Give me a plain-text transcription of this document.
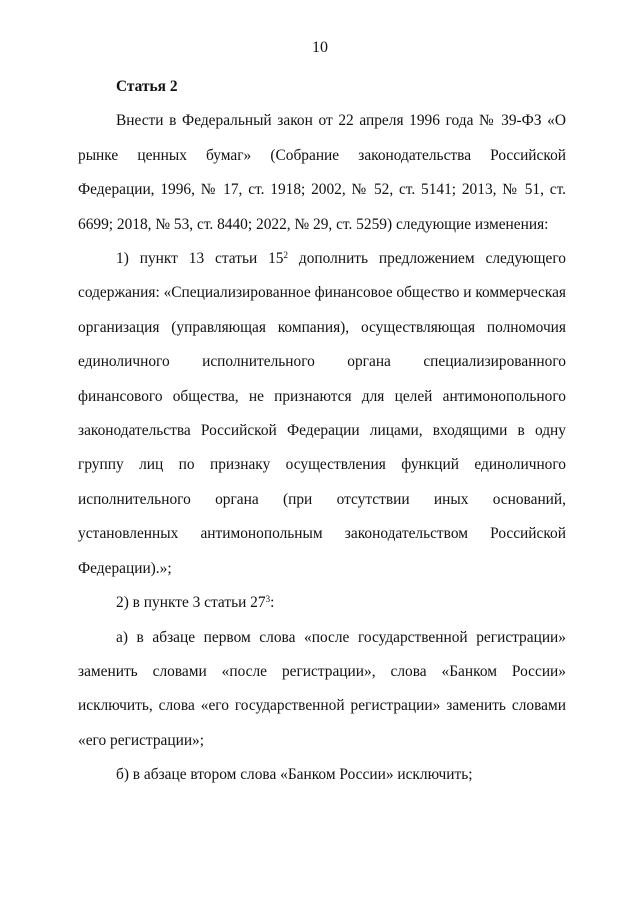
10

Статья 2

Внести в Федеральный закон от 22 апреля 1996 года № 39-ФЗ «О рынке ценных бумаг» (Собрание законодательства Российской Федерации, 1996, № 17, ст. 1918; 2002, № 52, ст. 5141; 2013, № 51, ст. 6699; 2018, № 53, ст. 8440; 2022, № 29, ст. 5259) следующие изменения:

1) пункт 13 статьи $15^2$ дополнить предложением следующего содержания: «Специализированное финансовое общество и коммерческая организация (управляющая компания), осуществляющая полномочия единоличного исполнительного органа специализированного финансового общества, не признаются для целей антимонопольного законодательства Российской Федерации лицами, входящими в одну группу лиц по признаку осуществления функций единоличного исполнительного органа (при отсутствии иных оснований, установленных антимонопольным законодательством Российской Федерации).»;

2) в пункте 3 статьи $27^3$:

а) в абзаце первом слова «после государственной регистрации» заменить словами «после регистрации», слова «Банком России» исключить, слова «его государственной регистрации» заменить словами «его регистрации»;

б) в абзаце втором слова «Банком России» исключить;
